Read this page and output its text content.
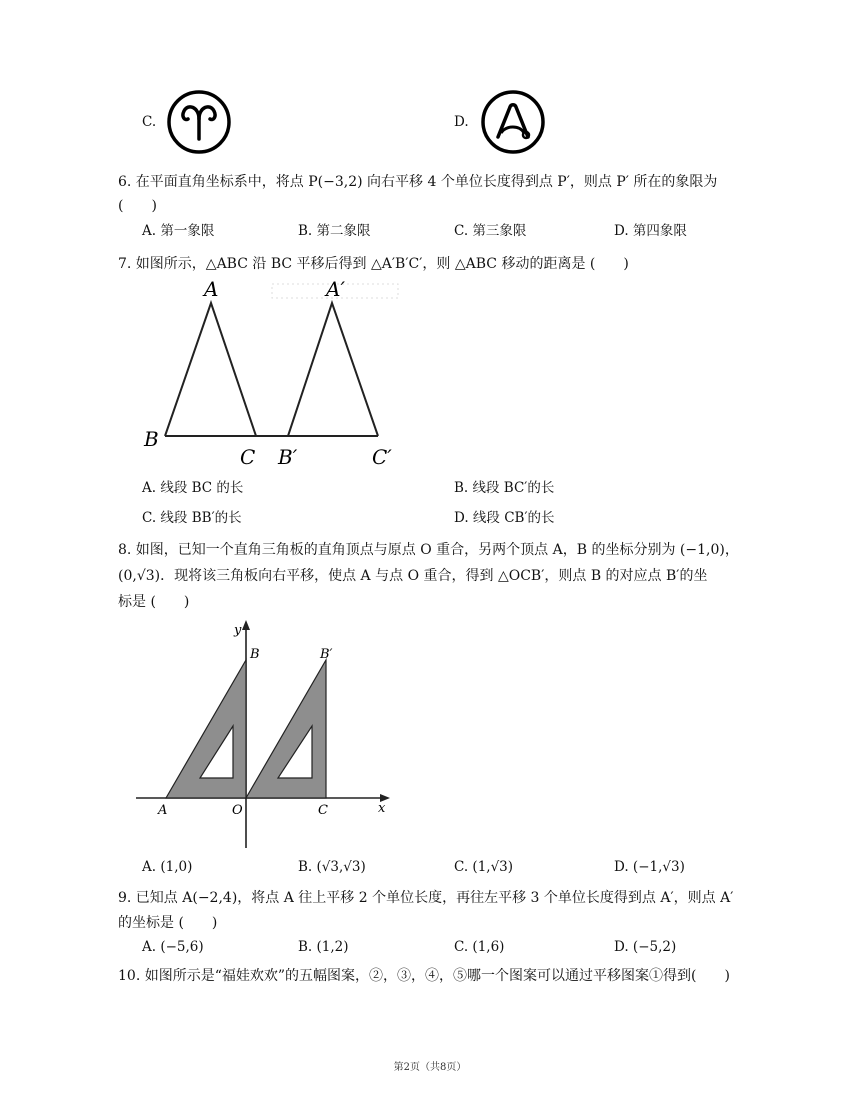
C.	D.
6. 在平面直角坐标系中，将点 P(−3,2) 向右平移 4 个单位长度得到点 P′，则点 P′ 所在的象限为
(　　)
A. 第一象限	B. 第二象限	C. 第三象限	D. 第四象限
7. 如图所示，△ABC 沿 BC 平移后得到 △A′B′C′，则 △ABC 移动的距离是 (　　)
A
B
C
A′
B′	C′
A. 线段 BC 的长	B. 线段 BC′的长
C. 线段 BB′的长	D. 线段 CB′的长
8. 如图，已知一个直角三角板的直角顶点与原点 O 重合，另两个顶点 A，B 的坐标分别为 (−1,0)，
(0,√3)．现将该三角板向右平移，使点 A 与点 O 重合，得到 △OCB′，则点 B 的对应点 B′的坐
标是 (　　)
y
x
B	B′
A	O	C
A. (1,0)	B. (√3,√3)	C. (1,√3)	D. (−1,√3)
9. 已知点 A(−2,4)，将点 A 往上平移 2 个单位长度，再往左平移 3 个单位长度得到点 A′，则点 A′
的坐标是 (　　)
A. (−5,6)	B. (1,2)	C. (1,6)	D. (−5,2)
10. 如图所示是“福娃欢欢”的五幅图案，②，③，④，⑤哪一个图案可以通过平移图案①得到(　　)
第2页（共8页）
